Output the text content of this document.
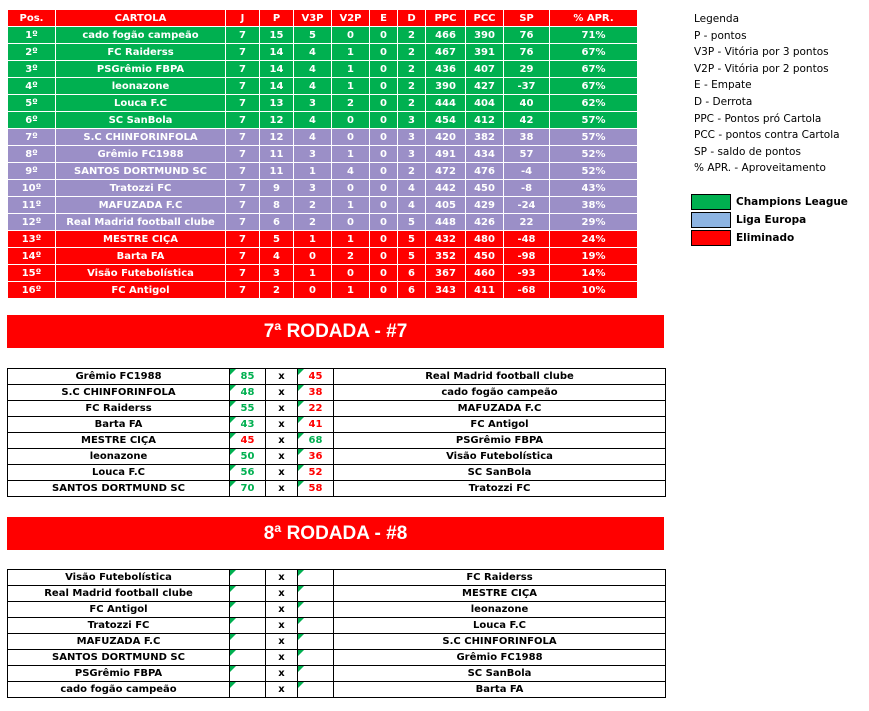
Pos.	CARTOLA	J	P	V3P	V2P	E	D	PPC	PCC	SP	% APR.
1º	cado fogão campeão	7	15	5	0	0	2	466	390	76	71%
2º	FC Raiderss	7	14	4	1	0	2	467	391	76	67%
3º	PSGrêmio FBPA	7	14	4	1	0	2	436	407	29	67%
4º	leonazone	7	14	4	1	0	2	390	427	-37	67%
5º	Louca F.C	7	13	3	2	0	2	444	404	40	62%
6º	SC SanBola	7	12	4	0	0	3	454	412	42	57%
7º	S.C CHINFORINFOLA	7	12	4	0	0	3	420	382	38	57%
8º	Grêmio FC1988	7	11	3	1	0	3	491	434	57	52%
9º	SANTOS DORTMUND SC	7	11	1	4	0	2	472	476	-4	52%
10º	Tratozzi FC	7	9	3	0	0	4	442	450	-8	43%
11º	MAFUZADA F.C	7	8	2	1	0	4	405	429	-24	38%
12º	Real Madrid football clube	7	6	2	0	0	5	448	426	22	29%
13º	MESTRE CIÇA	7	5	1	1	0	5	432	480	-48	24%
14º	Barta FA	7	4	0	2	0	5	352	450	-98	19%
15º	Visão Futebolística	7	3	1	0	0	6	367	460	-93	14%
16º	FC Antigol	7	2	0	1	0	6	343	411	-68	10%
Legenda
P - pontos
V3P - Vitória por 3 pontos
V2P - Vitória por 2 pontos
E - Empate
D - Derrota
PPC - Pontos pró Cartola
PCC - pontos contra Cartola
SP - saldo de pontos
% APR. - Aproveitamento
Champions League
Liga Europa
Eliminado
7ª RODADA - #7
Grêmio FC1988	85	x	45	Real Madrid football clube
S.C CHINFORINFOLA	48	x	38	cado fogão campeão
FC Raiderss	55	x	22	MAFUZADA F.C
Barta FA	43	x	41	FC Antigol
MESTRE CIÇA	45	x	68	PSGrêmio FBPA
leonazone	50	x	36	Visão Futebolística
Louca F.C	56	x	52	SC SanBola
SANTOS DORTMUND SC	70	x	58	Tratozzi FC
8ª RODADA - #8
Visão Futebolística		x		FC Raiderss
Real Madrid football clube		x		MESTRE CIÇA
FC Antigol		x		leonazone
Tratozzi FC		x		Louca F.C
MAFUZADA F.C		x		S.C CHINFORINFOLA
SANTOS DORTMUND SC		x		Grêmio FC1988
PSGrêmio FBPA		x		SC SanBola
cado fogão campeão		x		Barta FA
